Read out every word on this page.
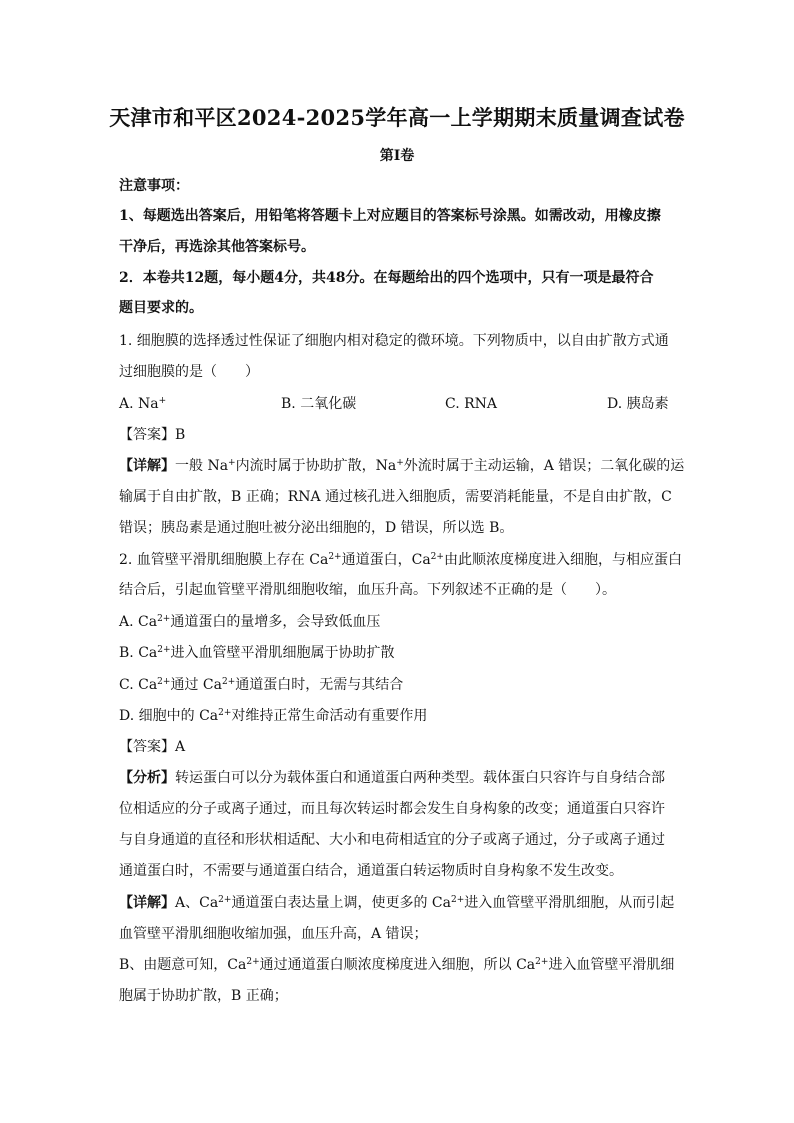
天津市和平区2024-2025学年高一上学期期末质量调查试卷
第I卷
注意事项：
1、每题选出答案后，用铅笔将答题卡上对应题目的答案标号涂黑。如需改动，用橡皮擦
干净后，再选涂其他答案标号。
2．本卷共12题，每小题4分，共48分。在每题给出的四个选项中，只有一项是最符合
题目要求的。
1. 细胞膜的选择透过性保证了细胞内相对稳定的微环境。下列物质中，以自由扩散方式通
过细胞膜的是（　　）
A. Na+	B. 二氧化碳	C. RNA	D. 胰岛素
【答案】B
【详解】一般 Na+内流时属于协助扩散，Na+外流时属于主动运输，A 错误；二氧化碳的运
输属于自由扩散，B 正确；RNA 通过核孔进入细胞质，需要消耗能量，不是自由扩散，C
错误；胰岛素是通过胞吐被分泌出细胞的，D 错误，所以选 B。
2. 血管壁平滑肌细胞膜上存在 $Ca^{2+}$通道蛋白，$Ca^{2+}$由此顺浓度梯度进入细胞，与相应蛋白
结合后，引起血管壁平滑肌细胞收缩，血压升高。下列叙述不正确的是（　　）。
A. $Ca^{2+}$通道蛋白的量增多，会导致低血压
B. $Ca^{2+}$进入血管壁平滑肌细胞属于协助扩散
C. $Ca^{2+}$通过 $Ca^{2+}$通道蛋白时，无需与其结合
D. 细胞中的 $Ca^{2+}$对维持正常生命活动有重要作用
【答案】A
【分析】转运蛋白可以分为载体蛋白和通道蛋白两种类型。载体蛋白只容许与自身结合部
位相适应的分子或离子通过，而且每次转运时都会发生自身构象的改变；通道蛋白只容许
与自身通道的直径和形状相适配、大小和电荷相适宜的分子或离子通过，分子或离子通过
通道蛋白时，不需要与通道蛋白结合，通道蛋白转运物质时自身构象不发生改变。
【详解】A、$Ca^{2+}$通道蛋白表达量上调，使更多的 $Ca^{2+}$进入血管壁平滑肌细胞，从而引起
血管壁平滑肌细胞收缩加强，血压升高，A 错误；
B、由题意可知，$Ca^{2+}$通过通道蛋白顺浓度梯度进入细胞，所以 $Ca^{2+}$进入血管壁平滑肌细
胞属于协助扩散，B 正确；
